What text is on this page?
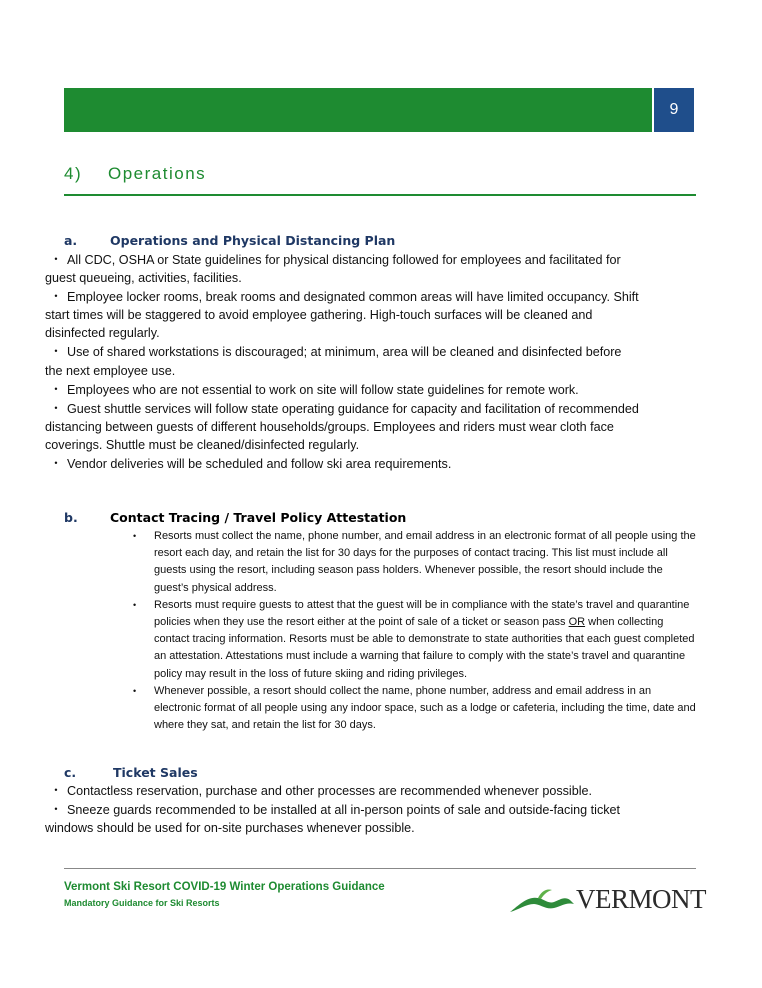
9
4) Operations
a.	Operations and Physical Distancing Plan
• All CDC, OSHA or State guidelines for physical distancing followed for employees and facilitated for guest queueing, activities, facilities.
• Employee locker rooms, break rooms and designated common areas will have limited occupancy. Shift start times will be staggered to avoid employee gathering. High-touch surfaces will be cleaned and disinfected regularly.
• Use of shared workstations is discouraged; at minimum, area will be cleaned and disinfected before the next employee use.
• Employees who are not essential to work on site will follow state guidelines for remote work.
• Guest shuttle services will follow state operating guidance for capacity and facilitation of recommended distancing between guests of different households/groups. Employees and riders must wear cloth face coverings. Shuttle must be cleaned/disinfected regularly.
• Vendor deliveries will be scheduled and follow ski area requirements.
b.	Contact Tracing / Travel Policy Attestation
• Resorts must collect the name, phone number, and email address in an electronic format of all people using the resort each day, and retain the list for 30 days for the purposes of contact tracing. This list must include all guests using the resort, including season pass holders. Whenever possible, the resort should include the guest’s physical address.
• Resorts must require guests to attest that the guest will be in compliance with the state’s travel and quarantine policies when they use the resort either at the point of sale of a ticket or season pass OR when collecting contact tracing information. Resorts must be able to demonstrate to state authorities that each guest completed an attestation. Attestations must include a warning that failure to comply with the state’s travel and quarantine policy may result in the loss of future skiing and riding privileges.
• Whenever possible, a resort should collect the name, phone number, address and email address in an electronic format of all people using any indoor space, such as a lodge or cafeteria, including the time, date and where they sat, and retain the list for 30 days.
c.	Ticket Sales
• Contactless reservation, purchase and other processes are recommended whenever possible.
• Sneeze guards recommended to be installed at all in-person points of sale and outside-facing ticket windows should be used for on-site purchases whenever possible.
Vermont Ski Resort COVID-19 Winter Operations Guidance
Mandatory Guidance for Ski Resorts	VERMONT
